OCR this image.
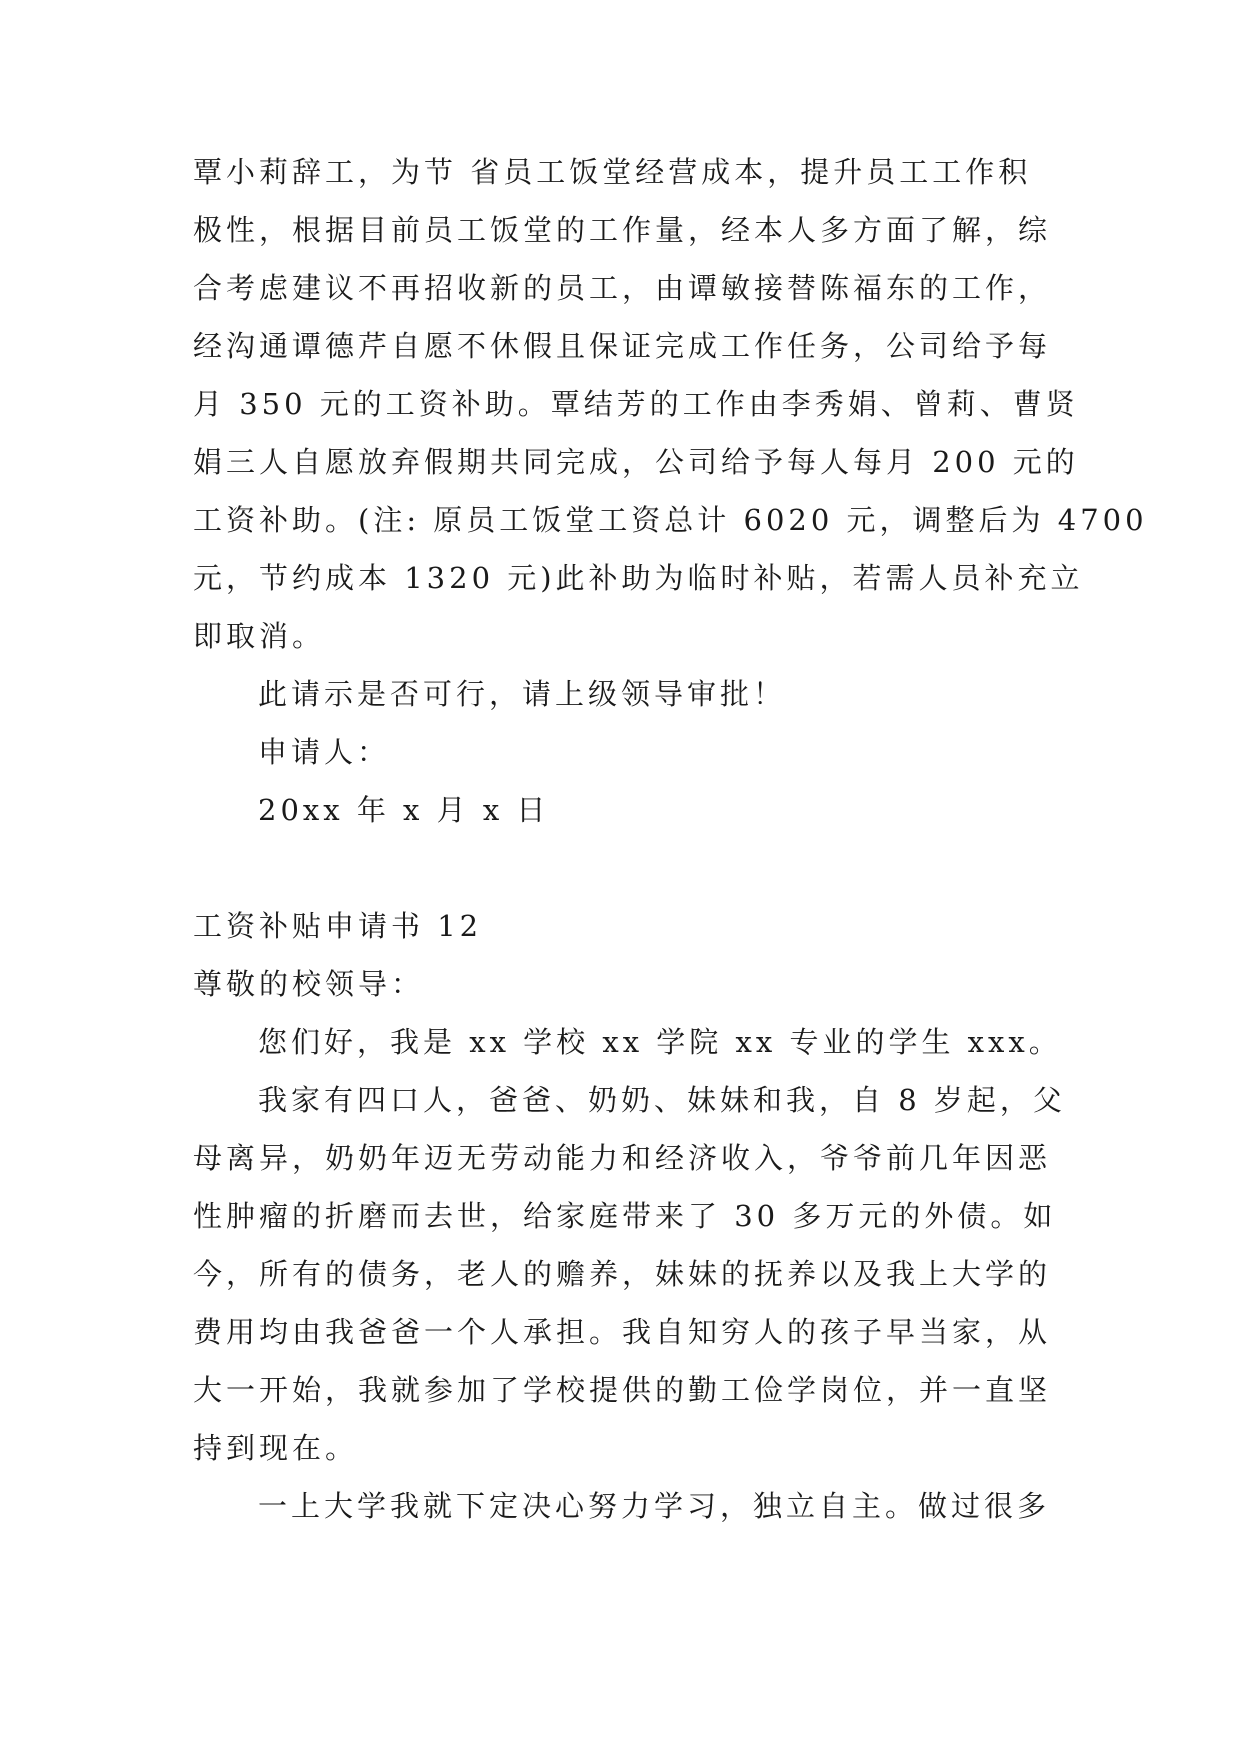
覃小莉辞工，为节 省员工饭堂经营成本，提升员工工作积
极性，根据目前员工饭堂的工作量，经本人多方面了解，综
合考虑建议不再招收新的员工，由谭敏接替陈福东的工作，
经沟通谭德芹自愿不休假且保证完成工作任务，公司给予每
月 350 元的工资补助。覃结芳的工作由李秀娟、曾莉、曹贤
娟三人自愿放弃假期共同完成，公司给予每人每月 200 元的
工资补助。(注: 原员工饭堂工资总计 6020 元，调整后为 4700
元，节约成本 1320 元)此补助为临时补贴，若需人员补充立
即取消。
此请示是否可行，请上级领导审批！
申请人：
20xx 年 x 月 x 日
工资补贴申请书 12
尊敬的校领导：
您们好，我是 xx 学校 xx 学院 xx 专业的学生 xxx。
我家有四口人，爸爸、奶奶、妹妹和我，自 8 岁起，父
母离异，奶奶年迈无劳动能力和经济收入，爷爷前几年因恶
性肿瘤的折磨而去世，给家庭带来了 30 多万元的外债。如
今，所有的债务，老人的赡养，妹妹的抚养以及我上大学的
费用均由我爸爸一个人承担。我自知穷人的孩子早当家，从
大一开始，我就参加了学校提供的勤工俭学岗位，并一直坚
持到现在。
一上大学我就下定决心努力学习，独立自主。做过很多
